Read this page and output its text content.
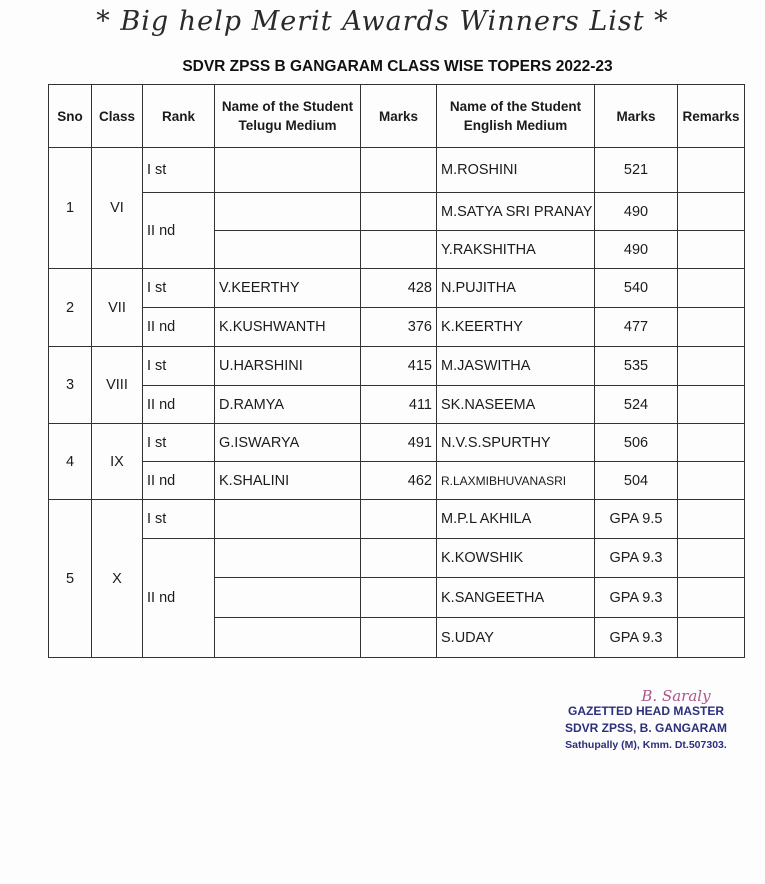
* Big help Merit Awards Winners List *
SDVR ZPSS B GANGARAM CLASS WISE TOPERS 2022-23
Sno	Class	Rank	Name of the Student Telugu Medium	Marks	Name of the Student English Medium	Marks	Remarks
1	VI	I st			M.ROSHINI	521	
		II nd			M.SATYA SRI PRANAY	490	
					Y.RAKSHITHA	490	
2	VII	I st	V.KEERTHY	428	N.PUJITHA	540	
		II nd	K.KUSHWANTH	376	K.KEERTHY	477	
3	VIII	I st	U.HARSHINI	415	M.JASWITHA	535	
		II nd	D.RAMYA	411	SK.NASEEMA	524	
4	IX	I st	G.ISWARYA	491	N.V.S.SPURTHY	506	
		II nd	K.SHALINI	462	R.LAXMIBHUVANASRI	504	
5	X	I st			M.P.L AKHILA	GPA 9.5	
		II nd			K.KOWSHIK	GPA 9.3	
					K.SANGEETHA	GPA 9.3	
					S.UDAY	GPA 9.3	
B. Saraly
GAZETTED HEAD MASTER
SDVR ZPSS, B. GANGARAM
Sathupally (M), Kmm. Dt.507303.
